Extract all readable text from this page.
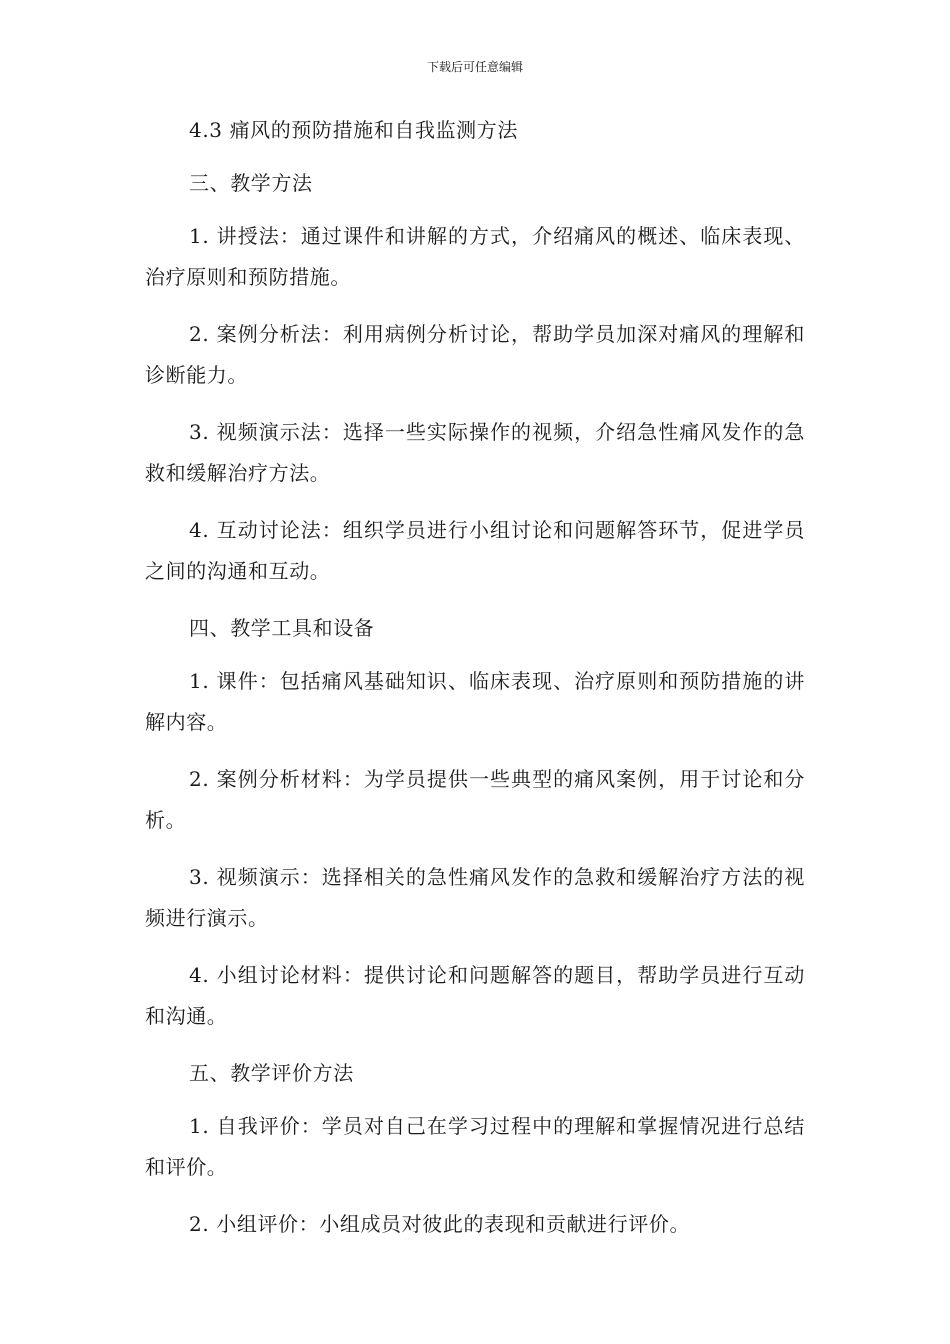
下载后可任意编辑

4.3 痛风的预防措施和自我监测方法

三、教学方法

1. 讲授法：通过课件和讲解的方式，介绍痛风的概述、临床表现、治疗原则和预防措施。

2. 案例分析法：利用病例分析讨论，帮助学员加深对痛风的理解和诊断能力。

3. 视频演示法：选择一些实际操作的视频，介绍急性痛风发作的急救和缓解治疗方法。

4. 互动讨论法：组织学员进行小组讨论和问题解答环节，促进学员之间的沟通和互动。

四、教学工具和设备

1. 课件：包括痛风基础知识、临床表现、治疗原则和预防措施的讲解内容。

2. 案例分析材料：为学员提供一些典型的痛风案例，用于讨论和分析。

3. 视频演示：选择相关的急性痛风发作的急救和缓解治疗方法的视频进行演示。

4. 小组讨论材料：提供讨论和问题解答的题目，帮助学员进行互动和沟通。

五、教学评价方法

1. 自我评价：学员对自己在学习过程中的理解和掌握情况进行总结和评价。

2. 小组评价：小组成员对彼此的表现和贡献进行评价。
